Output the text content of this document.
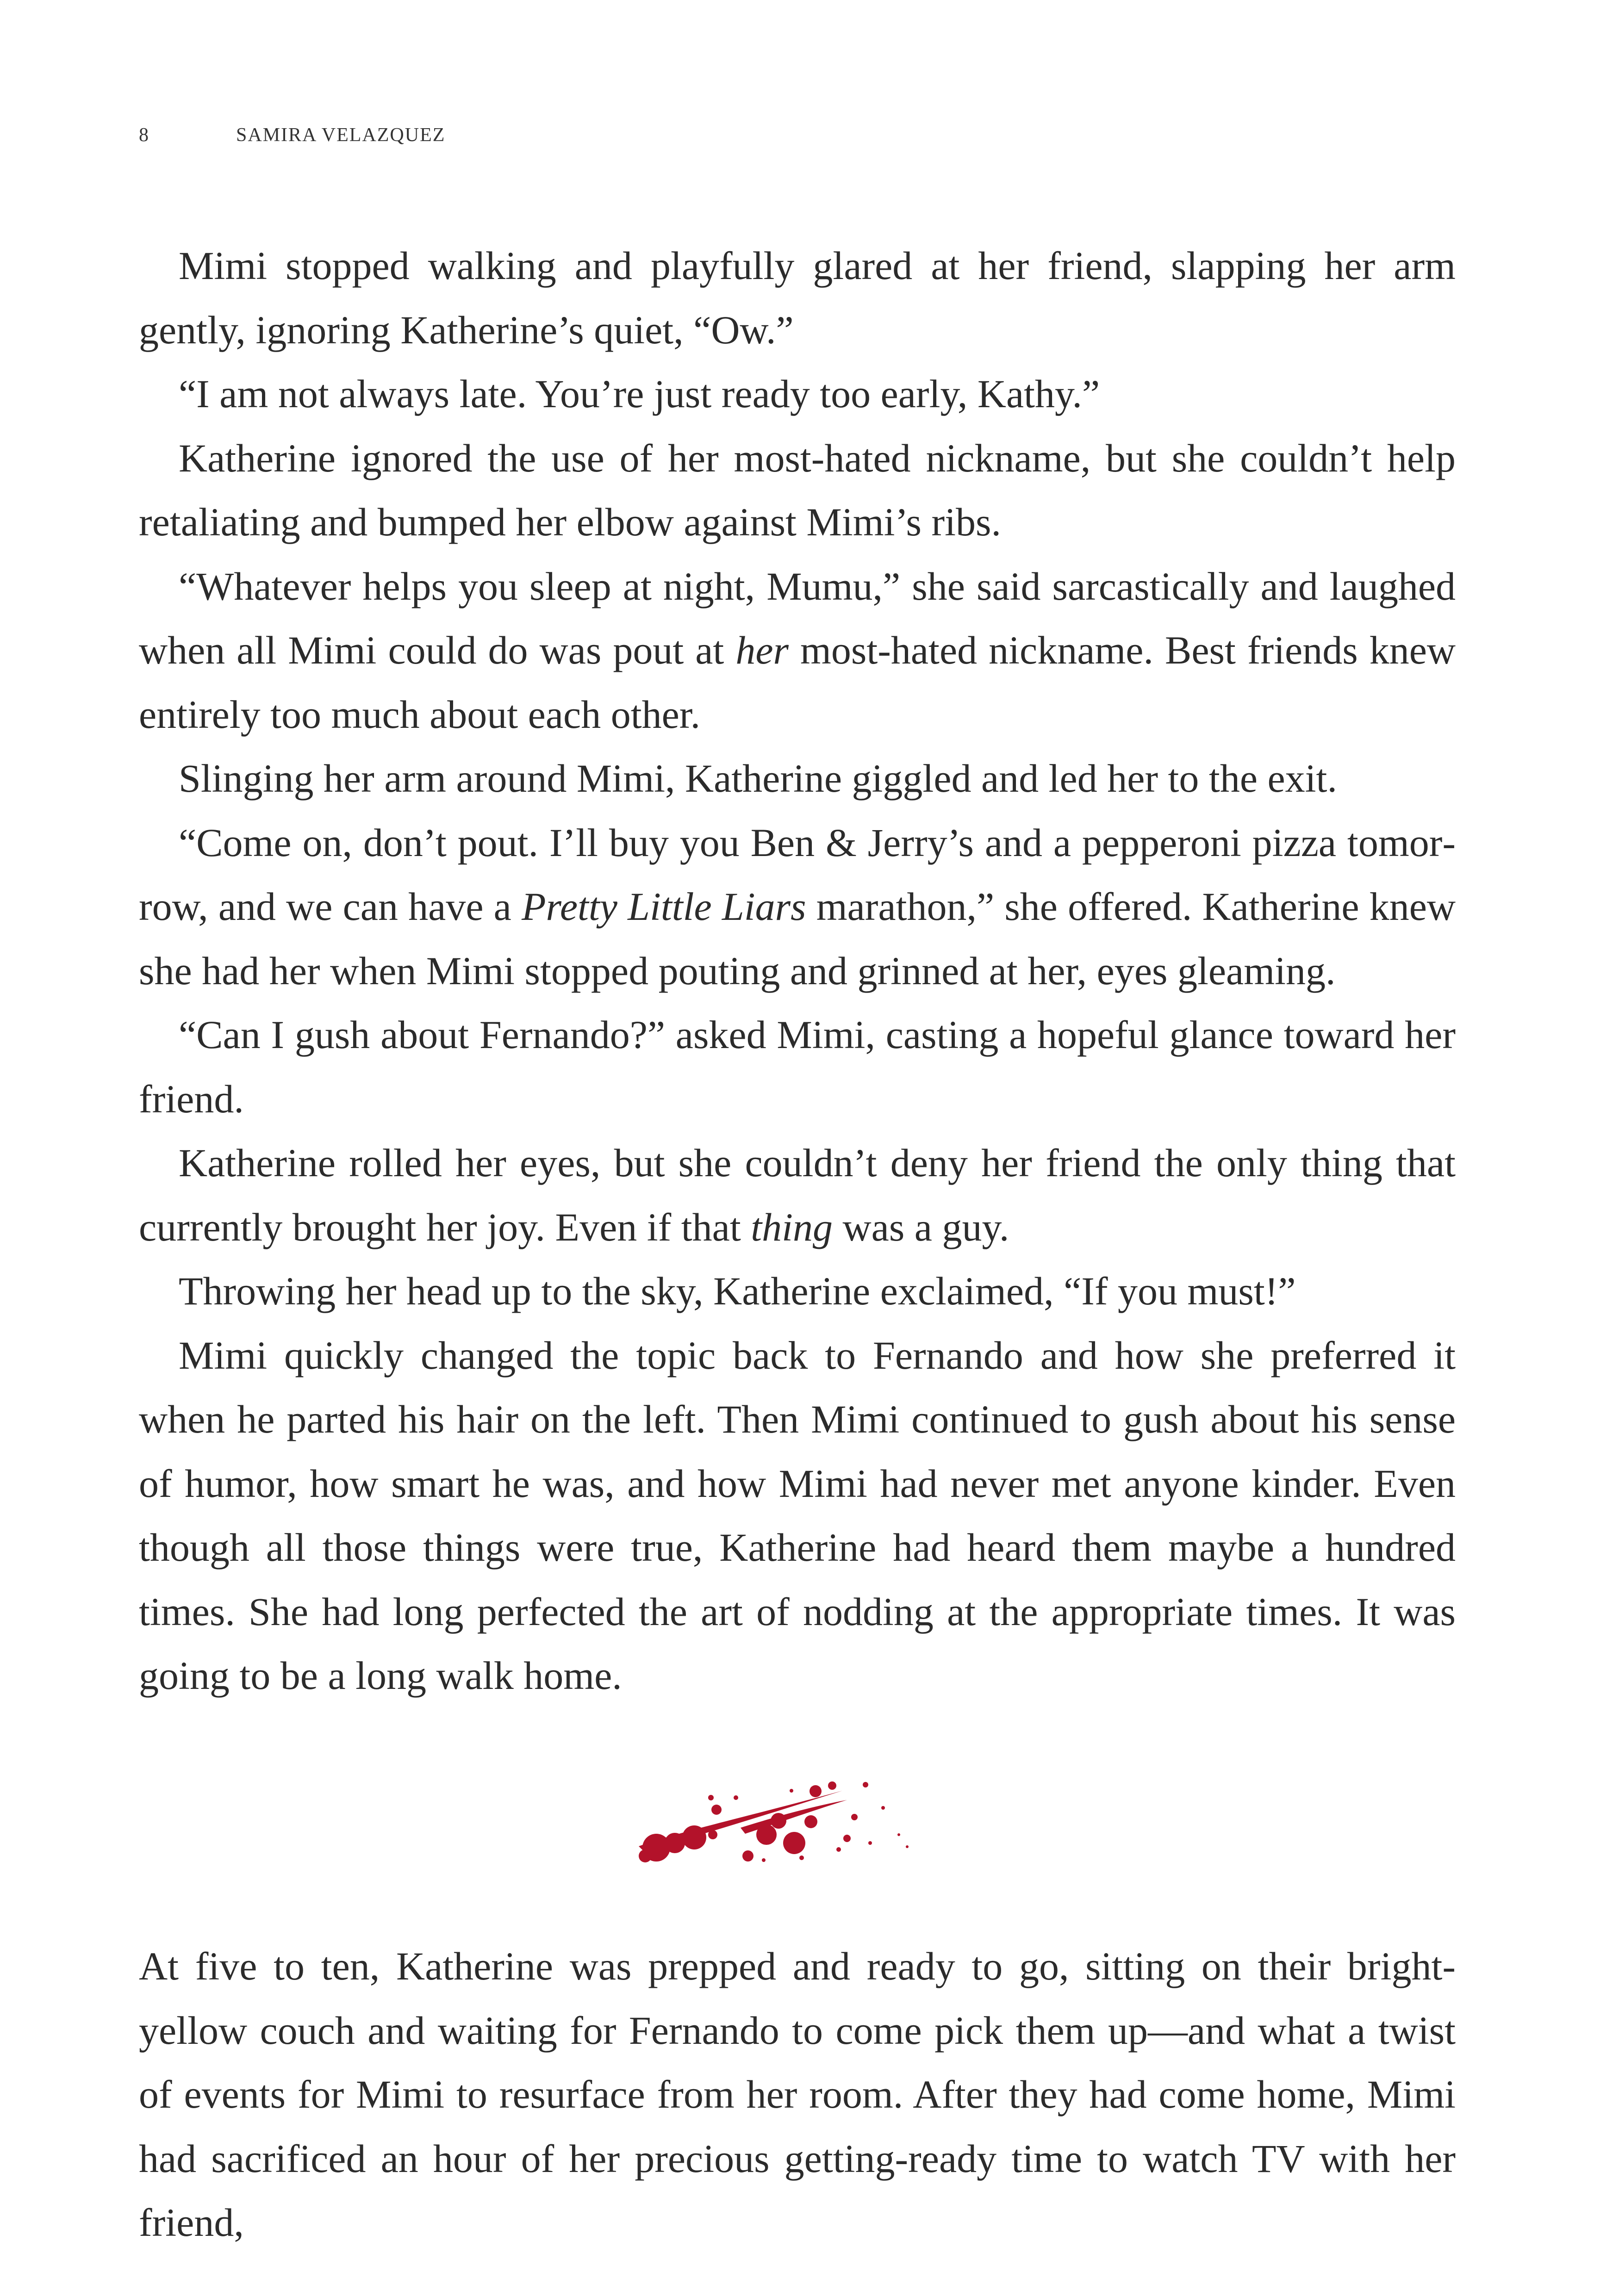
8	SAMIRA VELAZQUEZ

Mimi stopped walking and playfully glared at her friend, slapping her arm gently, ignoring Katherine’s quiet, “Ow.”

“I am not always late. You’re just ready too early, Kathy.”

Katherine ignored the use of her most-hated nickname, but she couldn’t help retaliating and bumped her elbow against Mimi’s ribs.

“Whatever helps you sleep at night, Mumu,” she said sarcastically and laughed when all Mimi could do was pout at her most-hated nickname. Best friends knew entirely too much about each other.

Slinging her arm around Mimi, Katherine giggled and led her to the exit.

“Come on, don’t pout. I’ll buy you Ben & Jerry’s and a pepperoni pizza tomorrow, and we can have a Pretty Little Liars marathon,” she offered. Katherine knew she had her when Mimi stopped pouting and grinned at her, eyes gleaming.

“Can I gush about Fernando?” asked Mimi, casting a hopeful glance toward her friend.

Katherine rolled her eyes, but she couldn’t deny her friend the only thing that currently brought her joy. Even if that thing was a guy.

Throwing her head up to the sky, Katherine exclaimed, “If you must!”

Mimi quickly changed the topic back to Fernando and how she preferred it when he parted his hair on the left. Then Mimi continued to gush about his sense of humor, how smart he was, and how Mimi had never met anyone kinder. Even though all those things were true, Katherine had heard them maybe a hundred times. She had long perfected the art of nodding at the appropriate times. It was going to be a long walk home.

At five to ten, Katherine was prepped and ready to go, sitting on their bright-yellow couch and waiting for Fernando to come pick them up—and what a twist of events for Mimi to resurface from her room. After they had come home, Mimi had sacrificed an hour of her precious getting-ready time to watch TV with her friend,
